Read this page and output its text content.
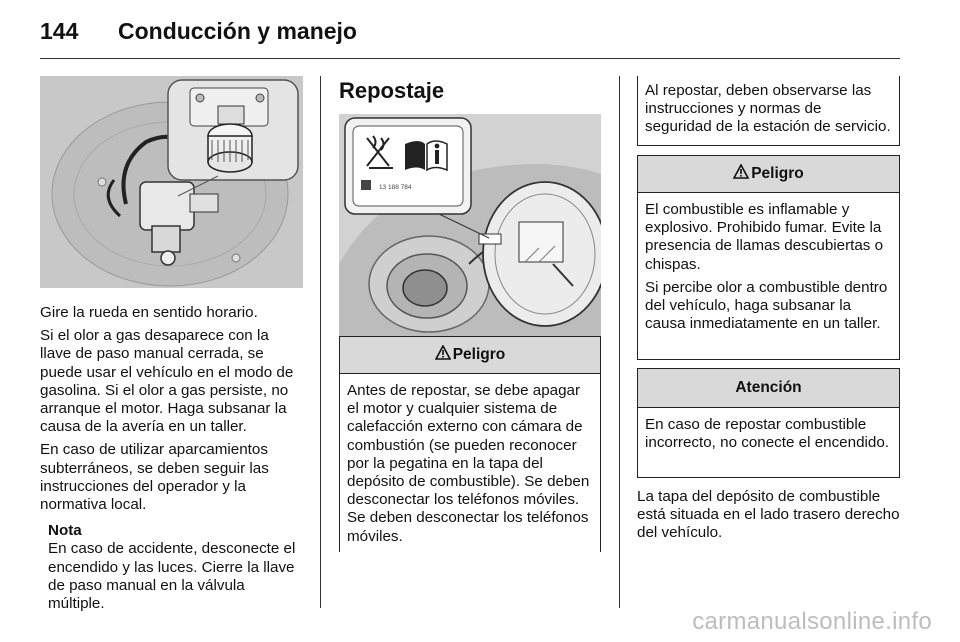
144 Conducción y manejo

Gire la rueda en sentido horario.

Si el olor a gas desaparece con la llave de paso manual cerrada, se puede usar el vehículo en el modo de gasolina. Si el olor a gas persiste, no arranque el motor. Haga subsanar la causa de la avería en un taller.

En caso de utilizar aparcamientos subterráneos, se deben seguir las instrucciones del operador y la normativa local.

Nota
En caso de accidente, desconecte el encendido y las luces. Cierre la llave de paso manual en la válvula múltiple.
Repostaje
13 188 784
Peligro
Antes de repostar, se debe apagar el motor y cualquier sistema de calefacción externo con cámara de combustión (se pueden reconocer por la pegatina en la tapa del depósito de combustible). Se deben desconectar los teléfonos móviles. Se deben desconectar los teléfonos móviles.
Al repostar, deben observarse las instrucciones y normas de seguridad de la estación de servicio.
Peligro

El combustible es inflamable y explosivo. Prohibido fumar. Evite la presencia de llamas descubiertas o chispas.

Si percibe olor a combustible dentro del vehículo, haga subsanar la causa inmediatamente en un taller.

Atención
En caso de repostar combustible incorrecto, no conecte el encendido.

La tapa del depósito de combustible está situada en el lado trasero derecho del vehículo.

carmanualsonline.info
